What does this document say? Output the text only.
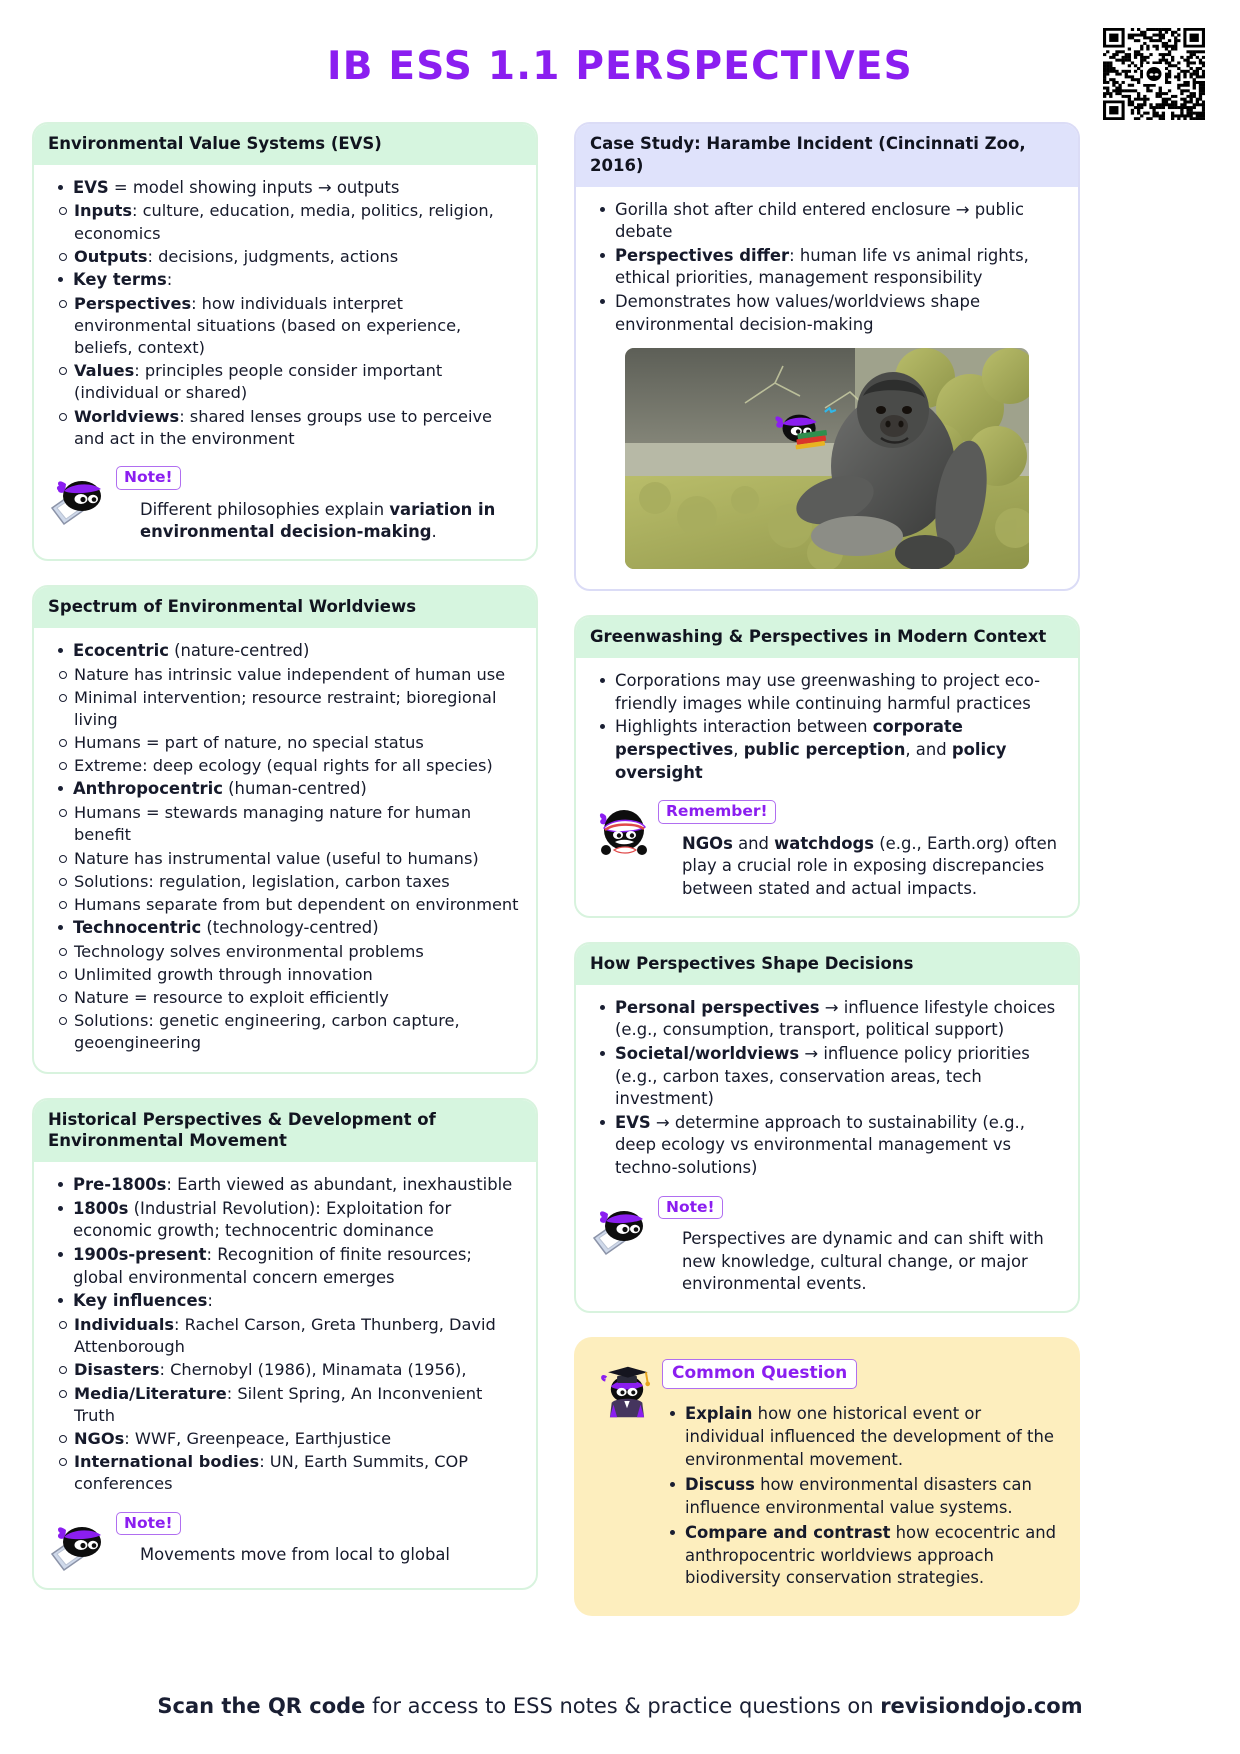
IB ESS 1.1 PERSPECTIVES
Environmental Value Systems (EVS)
EVS = model showing inputs → outputs
Inputs: culture, education, media, politics, religion, economics
Outputs: decisions, judgments, actions
Key terms:
Perspectives: how individuals interpret environmental situations (based on experience, beliefs, context)
Values: principles people consider important (individual or shared)
Worldviews: shared lenses groups use to perceive and act in the environment
Note!
Different philosophies explain variation in environmental decision-making.
Spectrum of Environmental Worldviews
Ecocentric (nature-centred)
Nature has intrinsic value independent of human use
Minimal intervention; resource restraint; bioregional living
Humans = part of nature, no special status
Extreme: deep ecology (equal rights for all species)
Anthropocentric (human-centred)
Humans = stewards managing nature for human benefit
Nature has instrumental value (useful to humans)
Solutions: regulation, legislation, carbon taxes
Humans separate from but dependent on environment
Technocentric (technology-centred)
Technology solves environmental problems
Unlimited growth through innovation
Nature = resource to exploit efficiently
Solutions: genetic engineering, carbon capture, geoengineering
Historical Perspectives & Development of Environmental Movement
Pre-1800s: Earth viewed as abundant, inexhaustible
1800s (Industrial Revolution): Exploitation for economic growth; technocentric dominance
1900s-present: Recognition of finite resources; global environmental concern emerges
Key influences:
Individuals: Rachel Carson, Greta Thunberg, David Attenborough
Disasters: Chernobyl (1986), Minamata (1956),
Media/Literature: Silent Spring, An Inconvenient Truth
NGOs: WWF, Greenpeace, Earthjustice
International bodies: UN, Earth Summits, COP conferences
Note!
Movements move from local to global
Case Study: Harambe Incident (Cincinnati Zoo, 2016)
Gorilla shot after child entered enclosure → public debate
Perspectives differ: human life vs animal rights, ethical priorities, management responsibility
Demonstrates how values/worldviews shape environmental decision-making
Greenwashing & Perspectives in Modern Context
Corporations may use greenwashing to project eco-friendly images while continuing harmful practices
Highlights interaction between corporate perspectives, public perception, and policy oversight
Remember!
NGOs and watchdogs (e.g., Earth.org) often play a crucial role in exposing discrepancies between stated and actual impacts.
How Perspectives Shape Decisions
Personal perspectives → influence lifestyle choices (e.g., consumption, transport, political support)
Societal/worldviews → influence policy priorities (e.g., carbon taxes, conservation areas, tech investment)
EVS → determine approach to sustainability (e.g., deep ecology vs environmental management vs techno-solutions)
Note!
Perspectives are dynamic and can shift with new knowledge, cultural change, or major environmental events.
Common Question
Explain how one historical event or individual influenced the development of the environmental movement.
Discuss how environmental disasters can influence environmental value systems.
Compare and contrast how ecocentric and anthropocentric worldviews approach biodiversity conservation strategies.
Scan the QR code for access to ESS notes & practice questions on revisiondojo.com
